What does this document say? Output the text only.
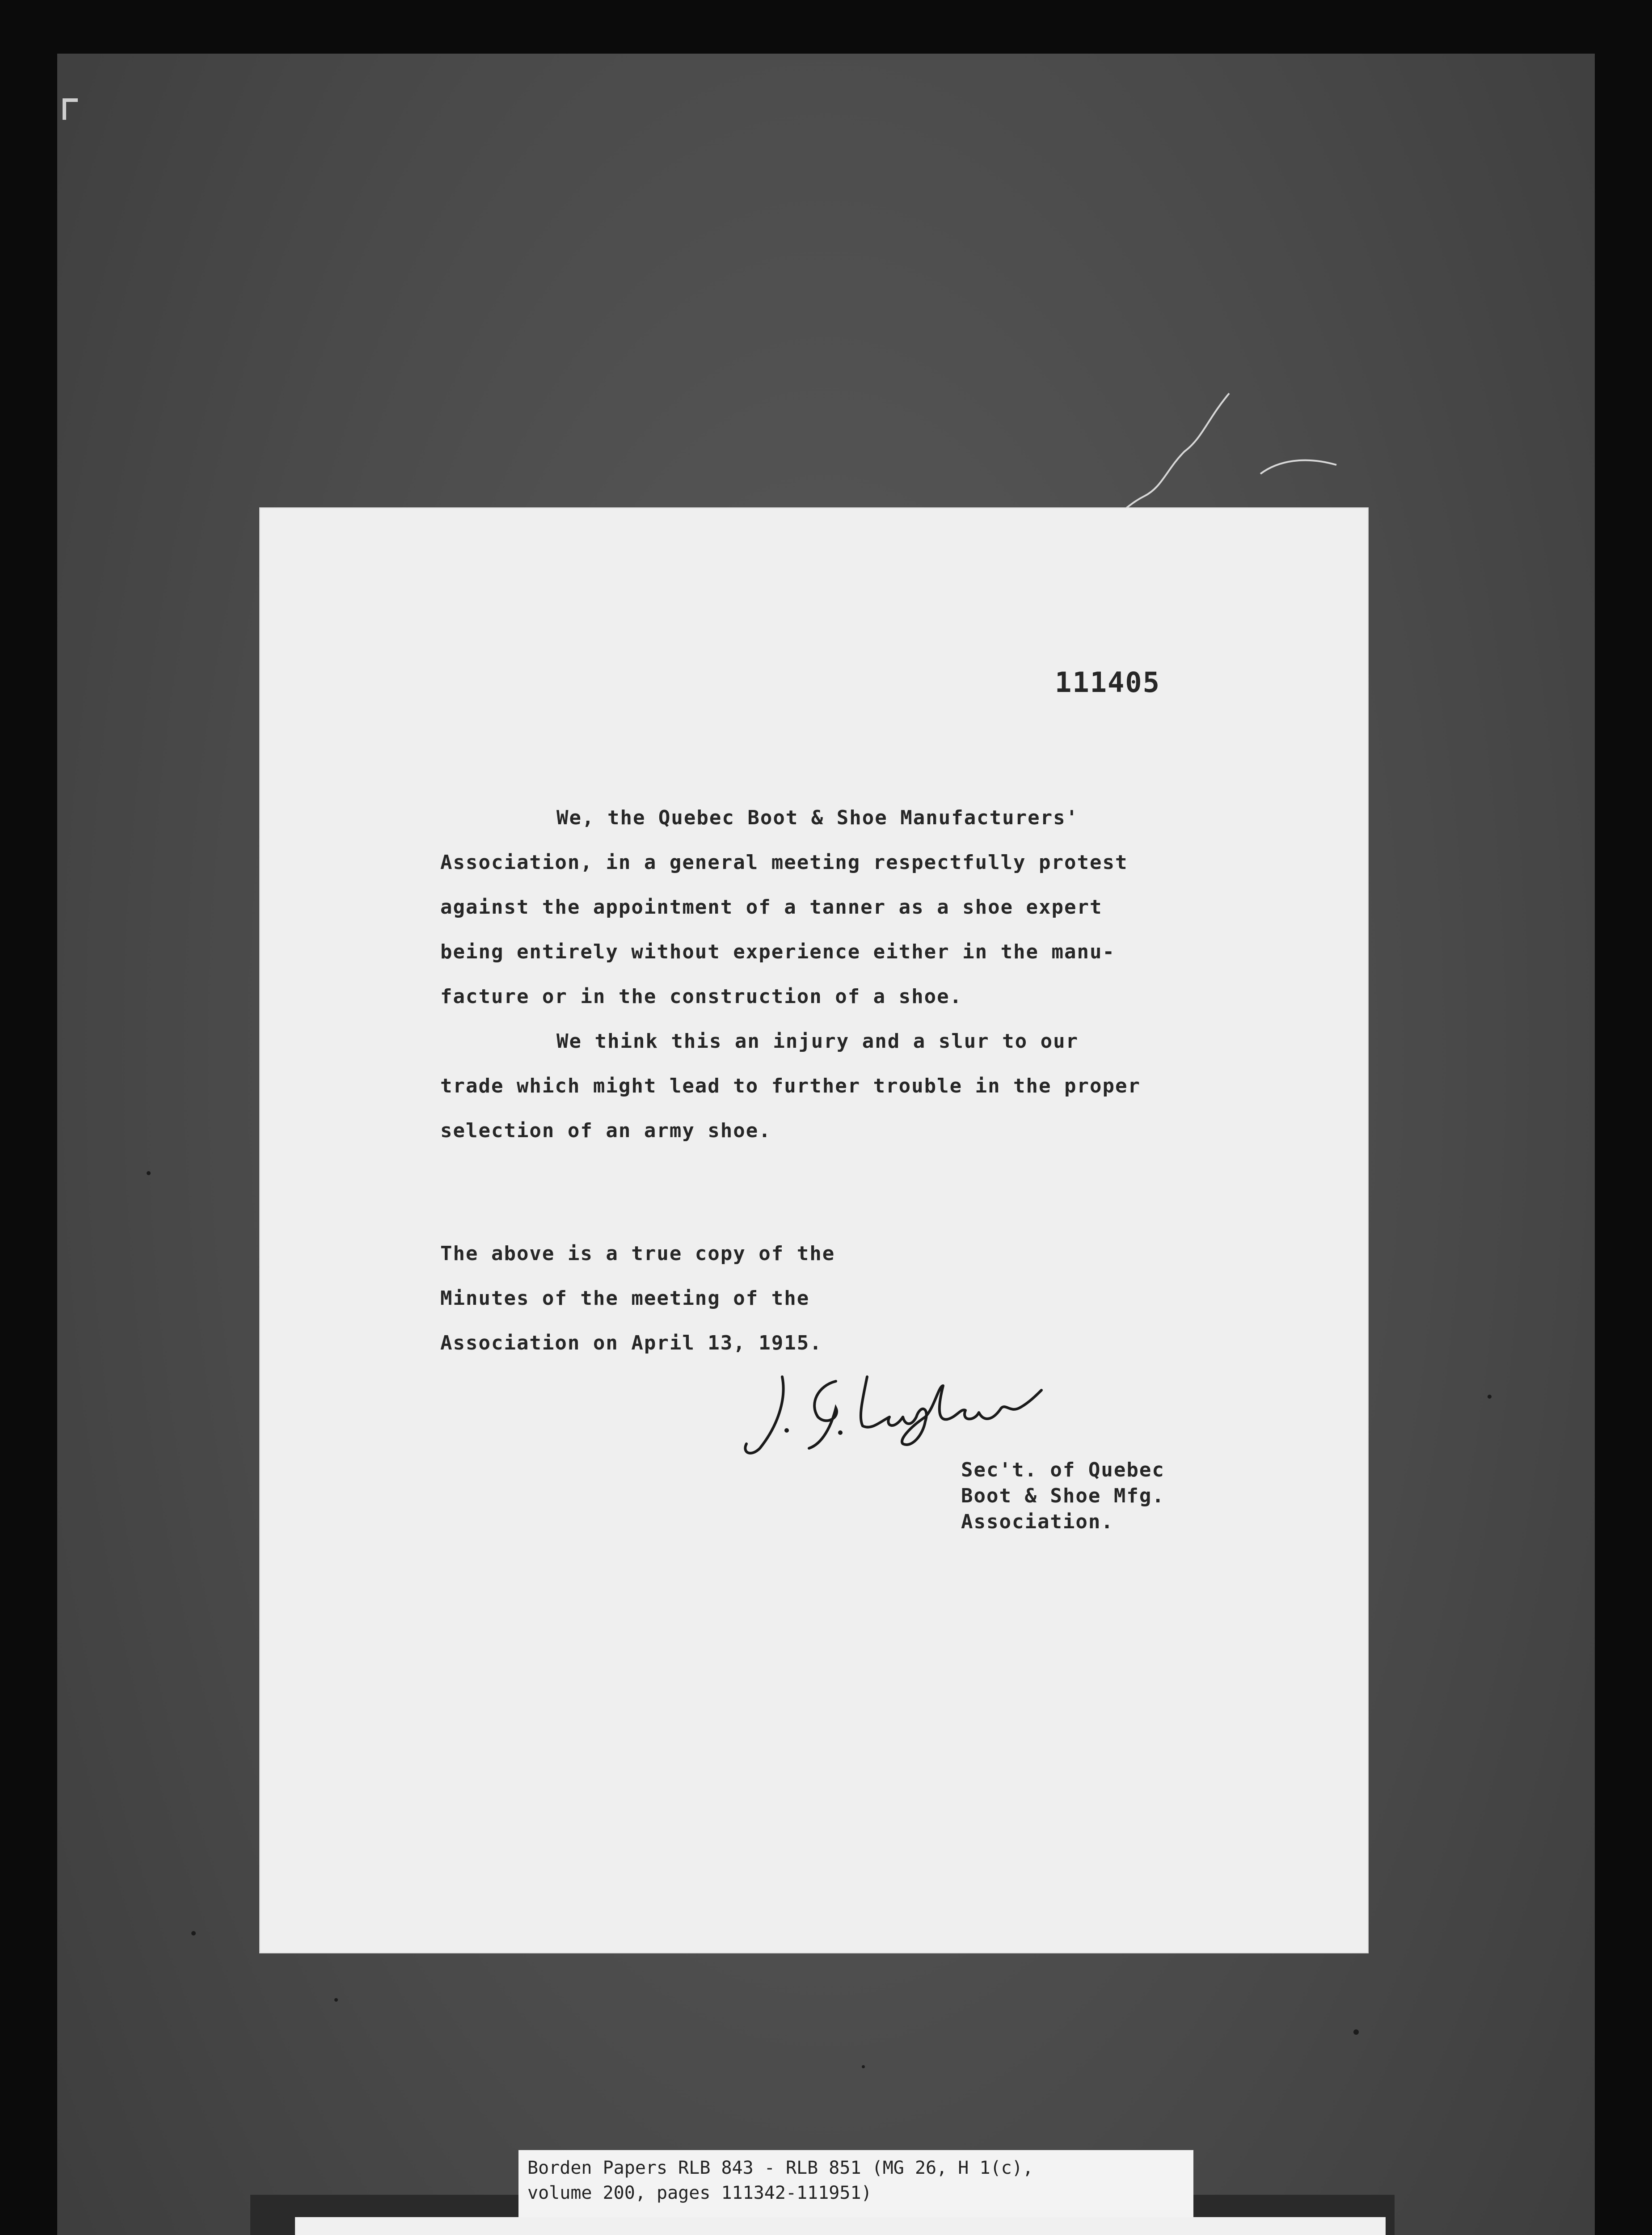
111405

We, the Quebec Boot & Shoe Manufacturers'

Association, in a general meeting respectfully protest

against the appointment of a tanner as a shoe expert

being entirely without experience either in the manu-

facture or in the construction of a shoe.

We think this an injury and a slur to our

trade which might lead to further trouble in the proper

selection of an army shoe.

The above is a true copy of the

Minutes of the meeting of the

Association on April 13, 1915.

Sec't. of Quebec

Boot & Shoe Mfg.

Association.

Borden Papers RLB 843 - RLB 851 (MG 26, H 1(c),

volume 200, pages 111342-111951)
